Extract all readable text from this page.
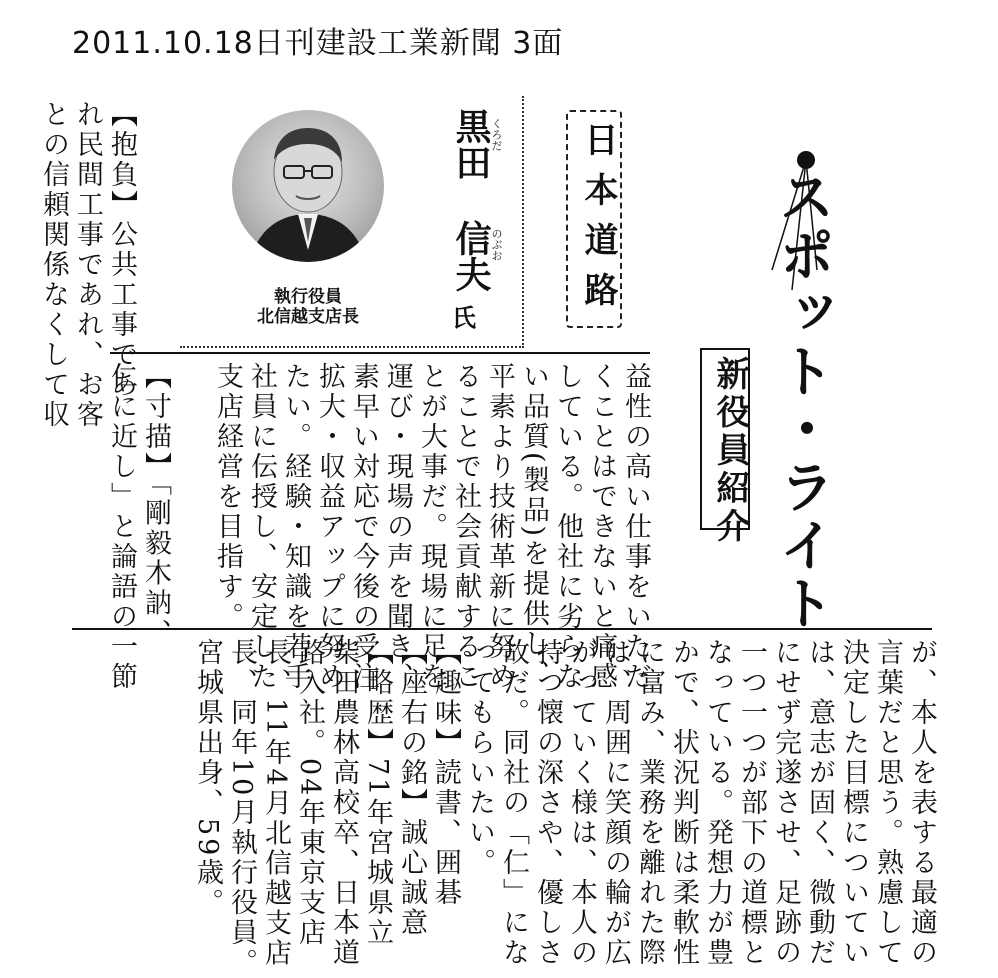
2011.10.18日刊建設工業新聞 3面
スポット・ライト
新役員紹介
日本道路
黒田
くろだ
信夫
のぶお
氏
執行役員
北信越支店長
【抱負】公共工事であ
れ民間工事であれ、お客
との信頼関係なくして収
益性の高い仕事をいただ
くことはできないと痛感
している。他社に劣らな
い品質(製品)を提供し、
平素より技術革新に努め
ることで社会貢献するこ
とが大事だ。現場に足を
運び・現場の声を聞き、
素早い対応で今後の受注
拡大・収益アップに努め
たい。経験・知識を若手
社員に伝授し、安定した
支店経営を目指す。
仁に近し」と論語の一節 【寸描】「剛毅木訥、
が、本人を表する最適の
言葉だと思う。熟慮して
決定した目標についてい
は、意志が固く、微動だ
にせず完遂させ、足跡の
一つ一つが部下の道標と
なっている。発想力が豊
かで、状況判断は柔軟性
に富み、業務を離れた際
は、周囲に笑顔の輪が広
がっていく様は、本人の
持つ懐の深さや、優しさ
故だ。同社の「仁」にな
ってもらいたい。
【趣味】読書、囲碁
【座右の銘】誠心誠意
【略歴】71年宮城県立
柴田農林高校卒、日本道
路入社。04年東京支店
長、11年4月北信越支店
長、同年10月執行役員。
宮城県出身、59歳。
